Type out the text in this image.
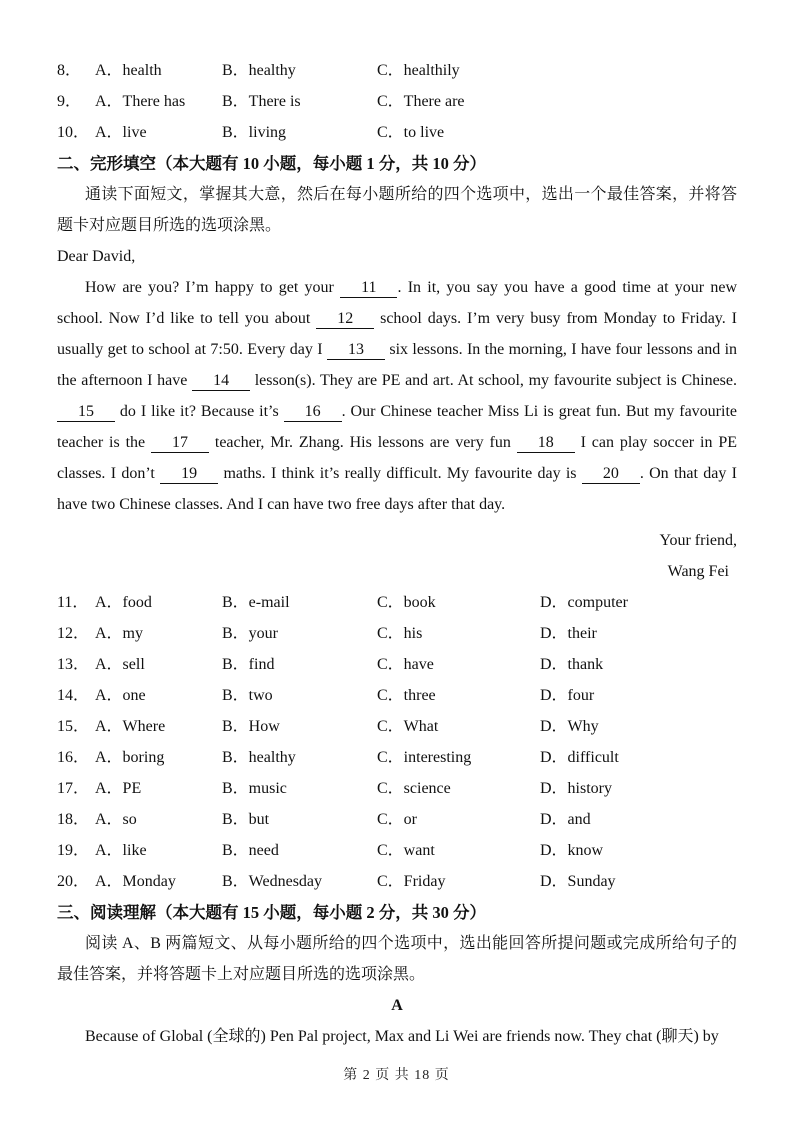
8． A．health	B．healthy	C．healthily
9． A．There has	B．There is	C．There are
10． A．live	B．living	C．to live

二、完形填空（本大题有 10 小题，每小题 1 分，共 10 分）

通读下面短文，掌握其大意，然后在每小题所给的四个选项中，选出一个最佳答案，并将答题卡对应题目所选的选项涂黑。

Dear David,

How are you? I’m happy to get your 11 . In it, you say you have a good time at your new school. Now I’d like to tell you about 12 school days. I’m very busy from Monday to Friday. I usually get to school at 7:50. Every day I 13 six lessons. In the morning, I have four lessons and in the afternoon I have 14 lesson(s). They are PE and art. At school, my favourite subject is Chinese. 15 do I like it? Because it’s 16 . Our Chinese teacher Miss Li is great fun. But my favourite teacher is the 17 teacher, Mr. Zhang. His lessons are very fun 18 I can play soccer in PE classes. I don’t 19 maths. I think it’s really difficult. My favourite day is 20 . On that day I have two Chinese classes. And I can have two free days after that day.

Your friend,

Wang Fei

11． A．food	B．e-mail	C．book	D．computer
12． A．my	B．your	C．his	D．their
13． A．sell	B．find	C．have	D．thank
14． A．one	B．two	C．three	D．four
15． A．Where	B．How	C．What	D．Why
16． A．boring	B．healthy	C．interesting	D．difficult
17． A．PE	B．music	C．science	D．history
18． A．so	B．but	C．or	D．and
19． A．like	B．need	C．want	D．know
20． A．Monday	B．Wednesday	C．Friday	D．Sunday

三、阅读理解（本大题有 15 小题，每小题 2 分，共 30 分）

阅读 A、B 两篇短文、从每小题所给的四个选项中，选出能回答所提问题或完成所给句子的最佳答案，并将答题卡上对应题目所选的选项涂黑。

A

Because of Global (全球的) Pen Pal project, Max and Li Wei are friends now. They chat (聊天) by

第 2 页 共 18 页
